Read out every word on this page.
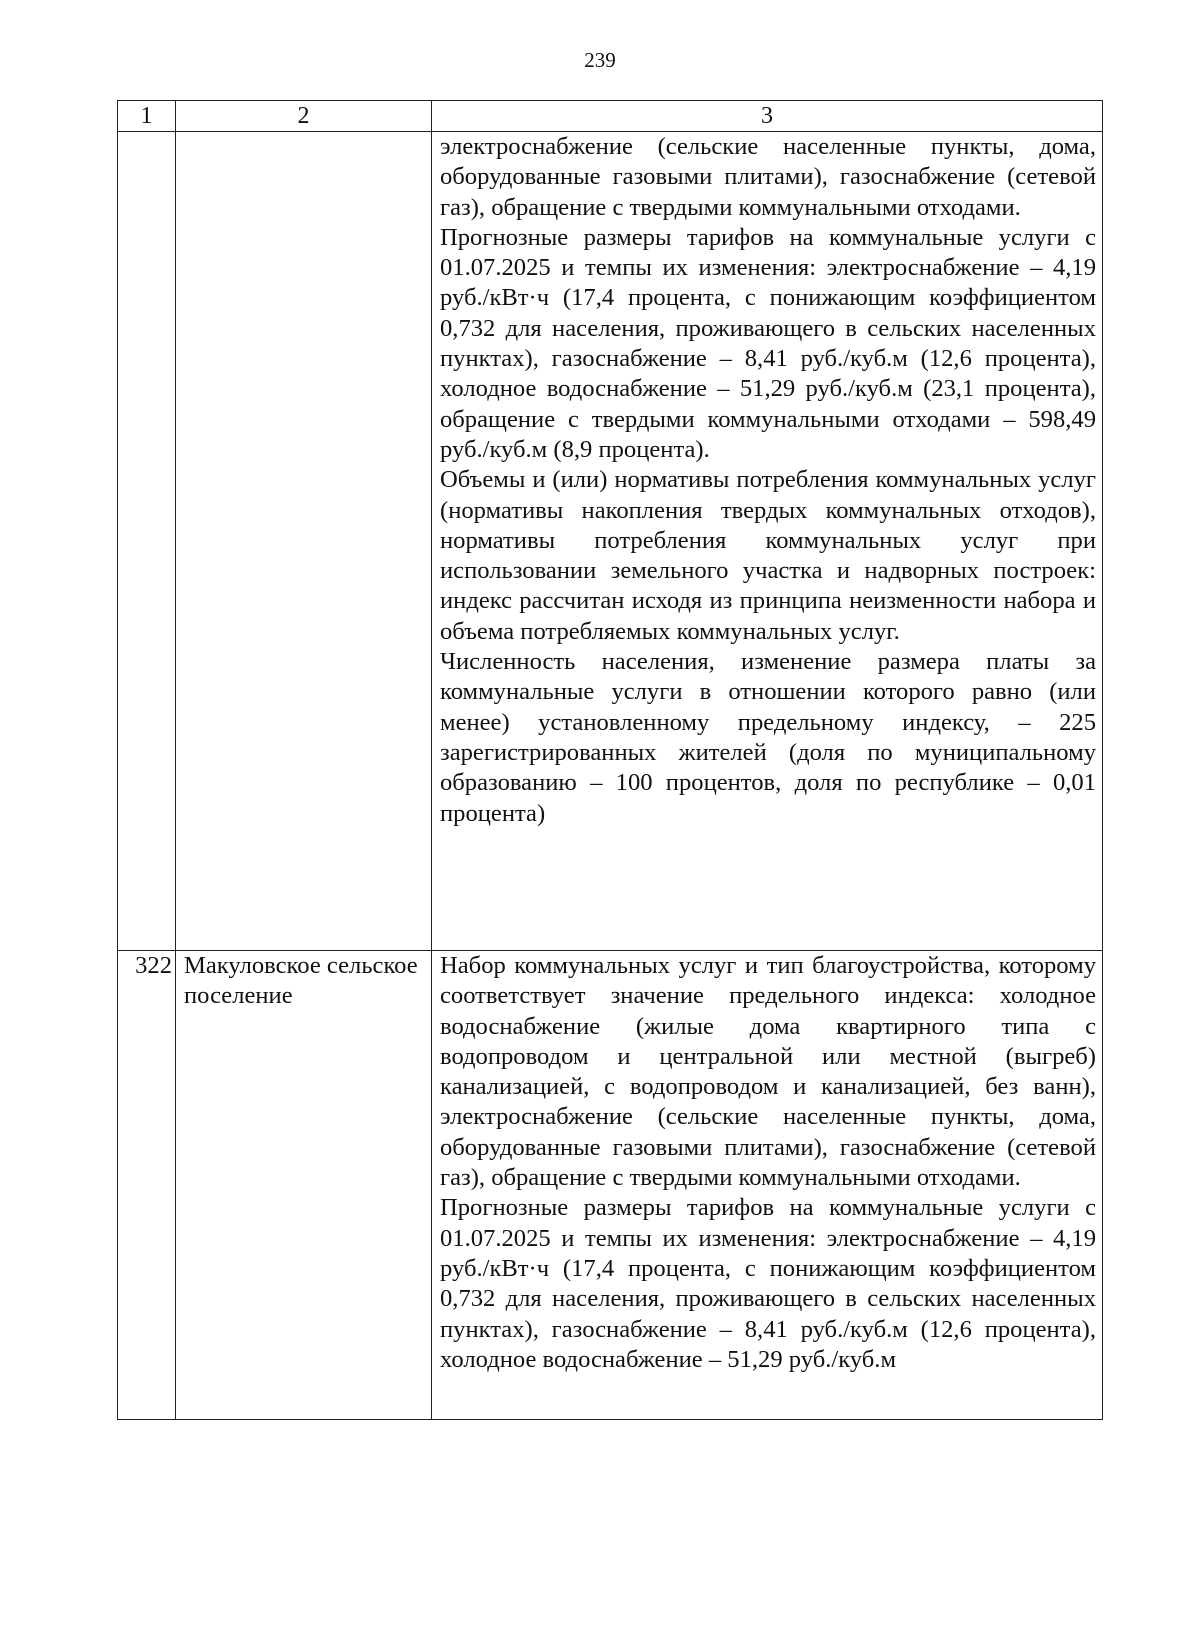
239
1	2	3

		электроснабжение (сельские населенные пункты, дома, оборудованные газовыми плитами), газоснабжение (сетевой газ), обращение с твердыми коммунальными отходами.

Прогнозные размеры тарифов на коммунальные услуги с 01.07.2025 и темпы их изменения: электроснабжение – 4,19 руб./кВт·ч (17,4 процента, с понижающим коэффициентом 0,732 для населения, проживающего в сельских населенных пунктах), газоснабжение – 8,41 руб./куб.м (12,6 процента), холодное водоснабжение – 51,29 руб./куб.м (23,1 процента), обращение с твердыми коммунальными отходами – 598,49 руб./куб.м (8,9 процента).

Объемы и (или) нормативы потребления коммунальных услуг (нормативы накопления твердых коммунальных отходов), нормативы потребления коммунальных услуг при использовании земельного участка и надворных построек: индекс рассчитан исходя из принципа неизменности набора и объема потребляемых коммунальных услуг.

Численность населения, изменение размера платы за коммунальные услуги в отношении которого равно (или менее) установленному предельному индексу, – 225 зарегистрированных жителей (доля по муниципальному образованию – 100 процентов, доля по республике – 0,01 процента)

322	Макуловское сельское поселение	Набор коммунальных услуг и тип благоустройства, которому соответствует значение предельного индекса: холодное водоснабжение (жилые дома квартирного типа с водопроводом и центральной или местной (выгреб) канализацией, с водопроводом и канализацией, без ванн), электроснабжение (сельские населенные пункты, дома, оборудованные газовыми плитами), газоснабжение (сетевой газ), обращение с твердыми коммунальными отходами.

Прогнозные размеры тарифов на коммунальные услуги с 01.07.2025 и темпы их изменения: электроснабжение – 4,19 руб./кВт·ч (17,4 процента, с понижающим коэффициентом 0,732 для населения, проживающего в сельских населенных пунктах), газоснабжение – 8,41 руб./куб.м (12,6 процента), холодное водоснабжение – 51,29 руб./куб.м
